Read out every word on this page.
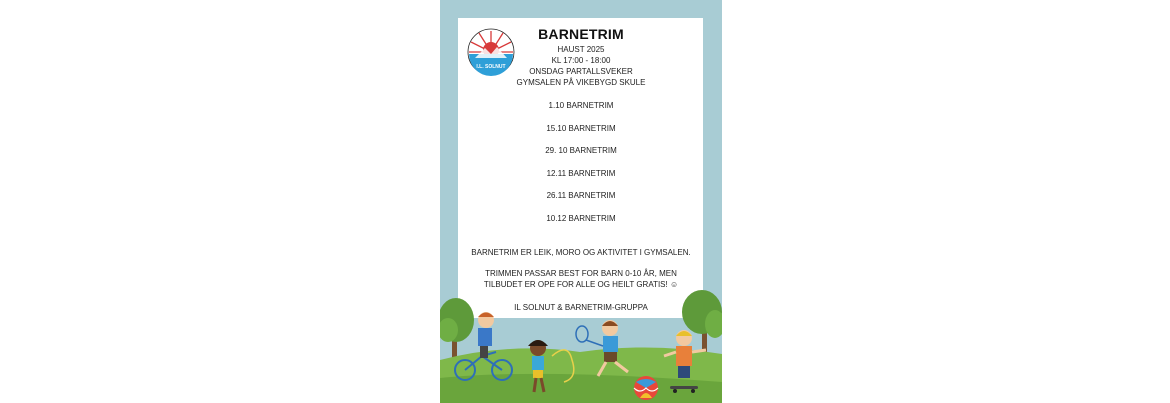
I.L. SOLNUT
BARNETRIM
HAUST 2025
KL 17:00 - 18:00
ONSDAG PARTALLSVEKER
GYMSALEN PÅ VIKEBYGD SKULE
1.10 BARNETRIM
15.10 BARNETRIM
29. 10 BARNETRIM
12.11 BARNETRIM
26.11 BARNETRIM
10.12 BARNETRIM
BARNETRIM ER LEIK, MORO OG AKTIVITET I GYMSALEN.
TRIMMEN PASSAR BEST FOR BARN 0-10 ÅR, MEN
TILBUDET ER OPE FOR ALLE OG HEILT GRATIS! ☺
IL SOLNUT & BARNETRIM-GRUPPA
